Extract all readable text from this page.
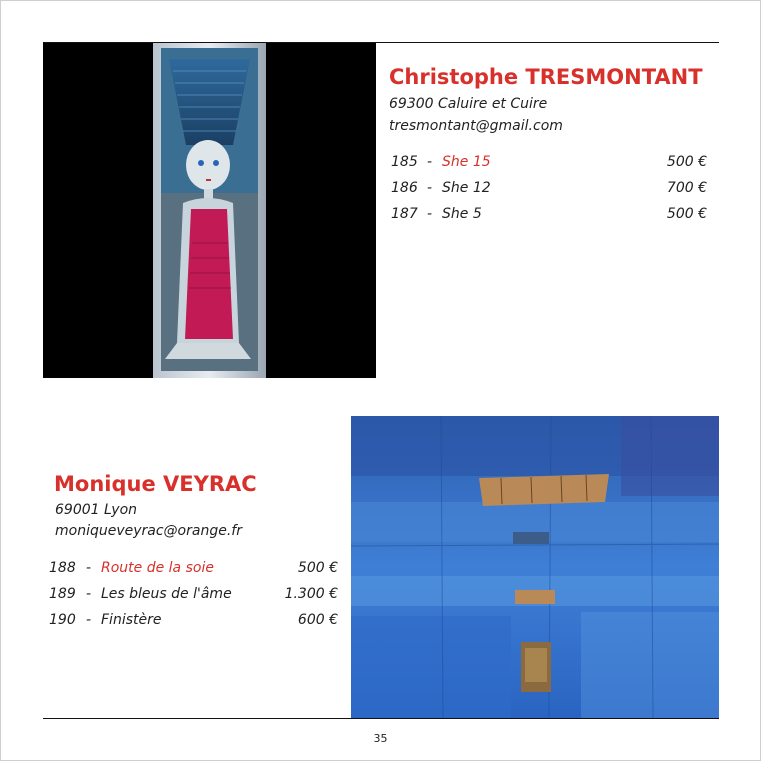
Christophe TRESMONTANT

69300 Caluire et Cuire

tresmontant@gmail.com

185 - She 15	500 €
186 - She 12	700 €
187 - She 5	500 €
Monique VEYRAC

69001 Lyon

moniqueveyrac@orange.fr

188 - Route de la soie	500 €
189 - Les bleus de l'âme	1.300 €
190 - Finistère	600 €
35
